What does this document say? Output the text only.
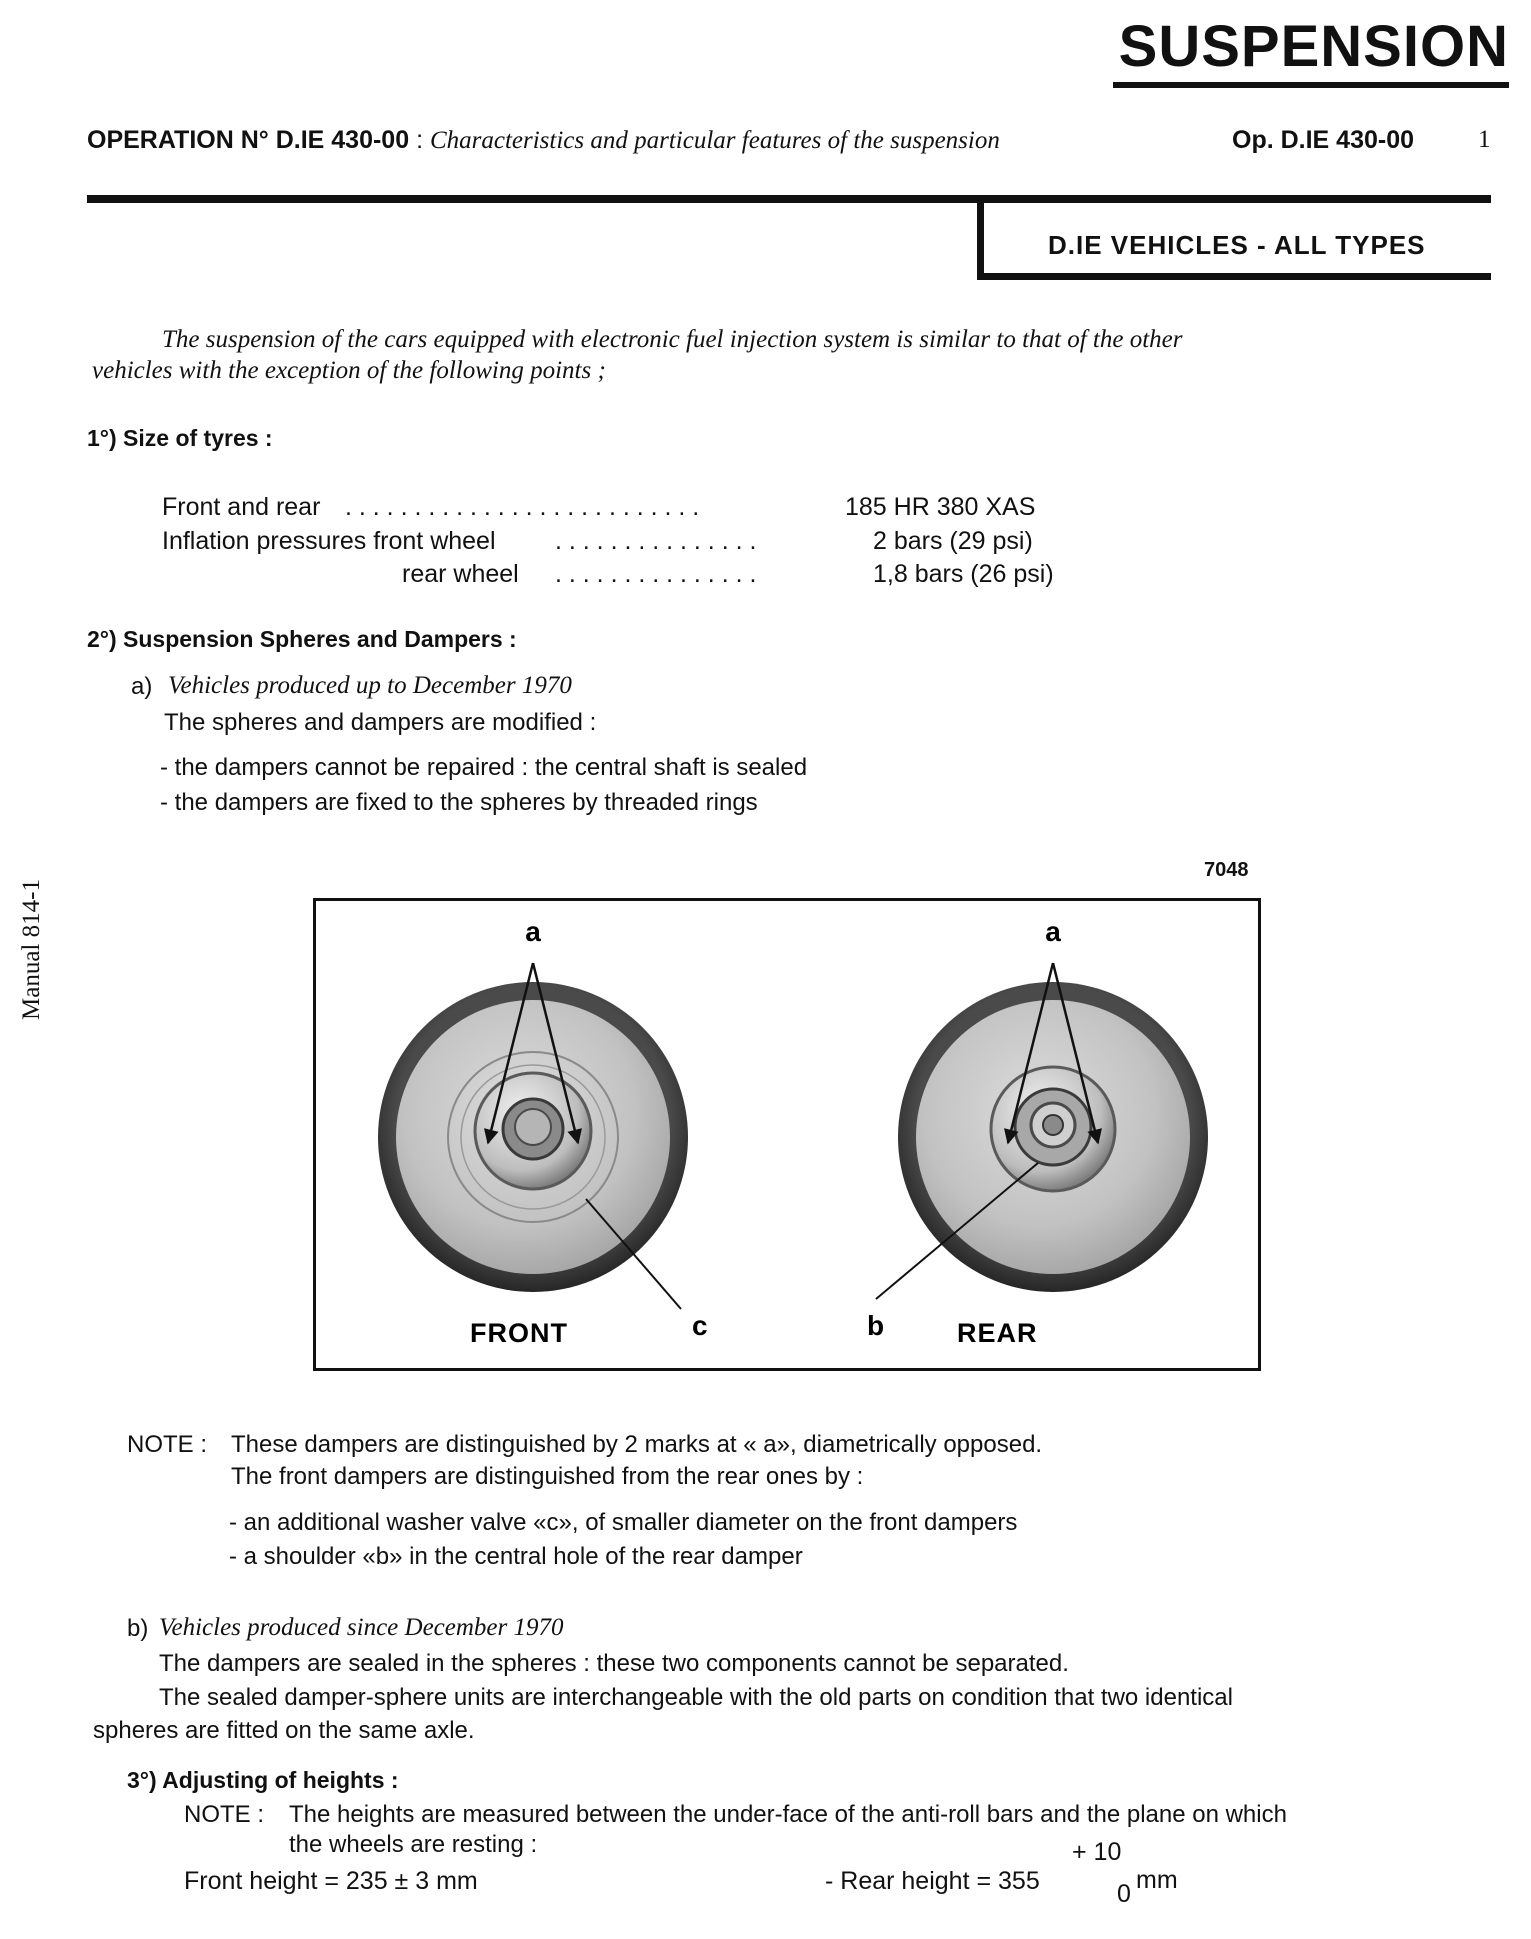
SUSPENSION
OPERATION N° D.IE 430-00 : Characteristics and particular features of the suspension	Op. D.IE 430-00	1
D.IE VEHICLES - ALL TYPES
Manual 814-1
The suspension of the cars equipped with electronic fuel injection system is similar to that of the other
vehicles with the exception of the following points ;
1°) Size of tyres :
Front and rear . . . . . . . . . . . . . . . . . . . . . . . . . .	185 HR 380 XAS
Inflation pressures front wheel . . . . . . . . . . . . . . .	2 bars (29 psi)
rear wheel . . . . . . . . . . . . . . .	1,8 bars (26 psi)
2°) Suspension Spheres and Dampers :
a) Vehicles produced up to December 1970
The spheres and dampers are modified :
- the dampers cannot be repaired : the central shaft is sealed
- the dampers are fixed to the spheres by threaded rings
7048
a	a
FRONT	c	b	REAR
NOTE : These dampers are distinguished by 2 marks at « a», diametrically opposed.
The front dampers are distinguished from the rear ones by :
- an additional washer valve «c», of smaller diameter on the front dampers
- a shoulder «b» in the central hole of the rear damper
b) Vehicles produced since December 1970
The dampers are sealed in the spheres : these two components cannot be separated.
The sealed damper-sphere units are interchangeable with the old parts on condition that two identical
spheres are fitted on the same axle.
3°) Adjusting of heights :
NOTE : The heights are measured between the under-face of the anti-roll bars and the plane on which
the wheels are resting :
Front height = 235 ± 3 mm	- Rear height = 355
+ 10
0 mm
